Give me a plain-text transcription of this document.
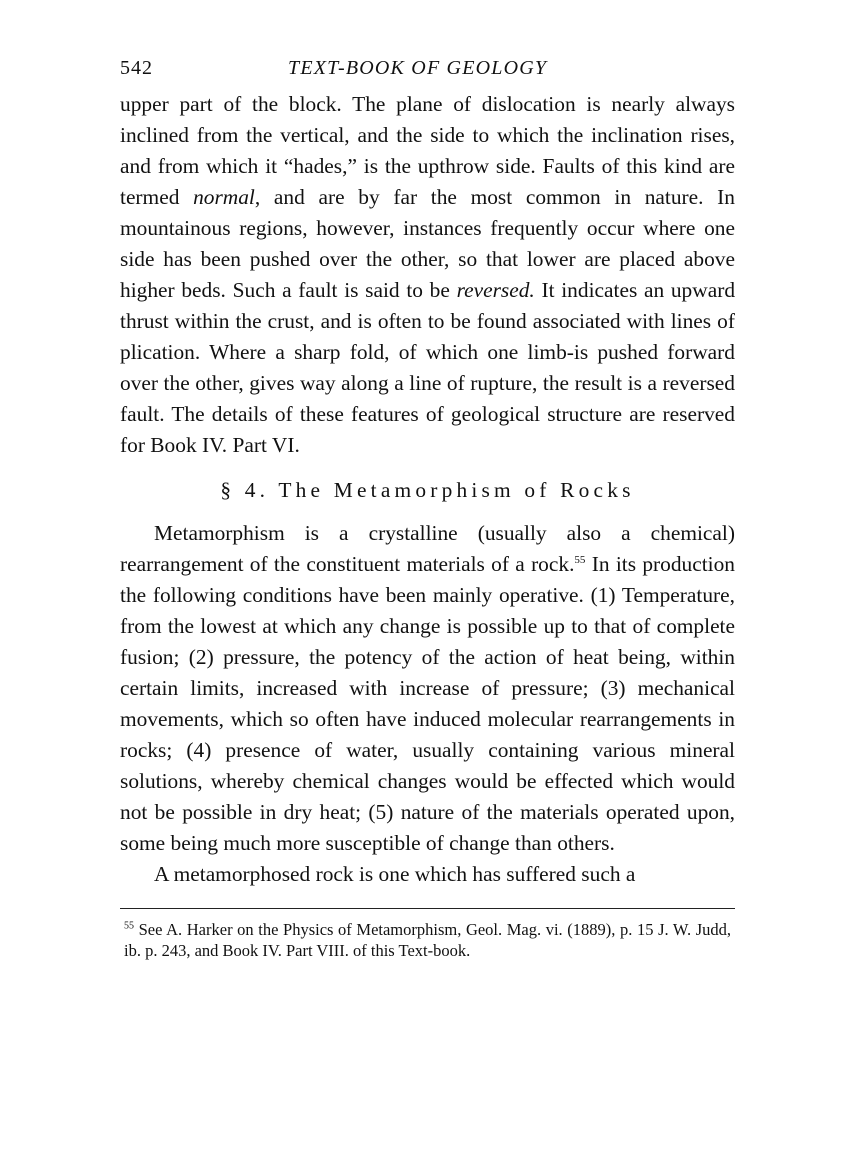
542	TEXT-BOOK OF GEOLOGY

upper part of the block. The plane of dislocation is nearly always inclined from the vertical, and the side to which the inclination rises, and from which it “hades,” is the upthrow side. Faults of this kind are termed normal, and are by far the most common in nature. In mountainous regions, however, instances frequently occur where one side has been pushed over the other, so that lower are placed above higher beds. Such a fault is said to be reversed. It indicates an upward thrust within the crust, and is often to be found associated with lines of plication. Where a sharp fold, of which one limb-is pushed forward over the other, gives way along a line of rupture, the result is a reversed fault. The details of these features of geological structure are reserved for Book IV. Part VI.

§ 4. The Metamorphism of Rocks

Metamorphism is a crystalline (usually also a chemical) rearrangement of the constituent materials of a rock.$^{55}$ In its production the following conditions have been mainly operative. (1) Temperature, from the lowest at which any change is possible up to that of complete fusion; (2) pressure, the potency of the action of heat being, within certain limits, increased with increase of pressure; (3) mechanical movements, which so often have induced molecular rearrangements in rocks; (4) presence of water, usually containing various mineral solutions, whereby chemical changes would be effected which would not be possible in dry heat; (5) nature of the materials operated upon, some being much more susceptible of change than others.

A metamorphosed rock is one which has suffered such a

$^{55}$ See A. Harker on the Physics of Metamorphism, Geol. Mag. vi. (1889), p. 15 J. W. Judd, ib. p. 243, and Book IV. Part VIII. of this Text-book.
